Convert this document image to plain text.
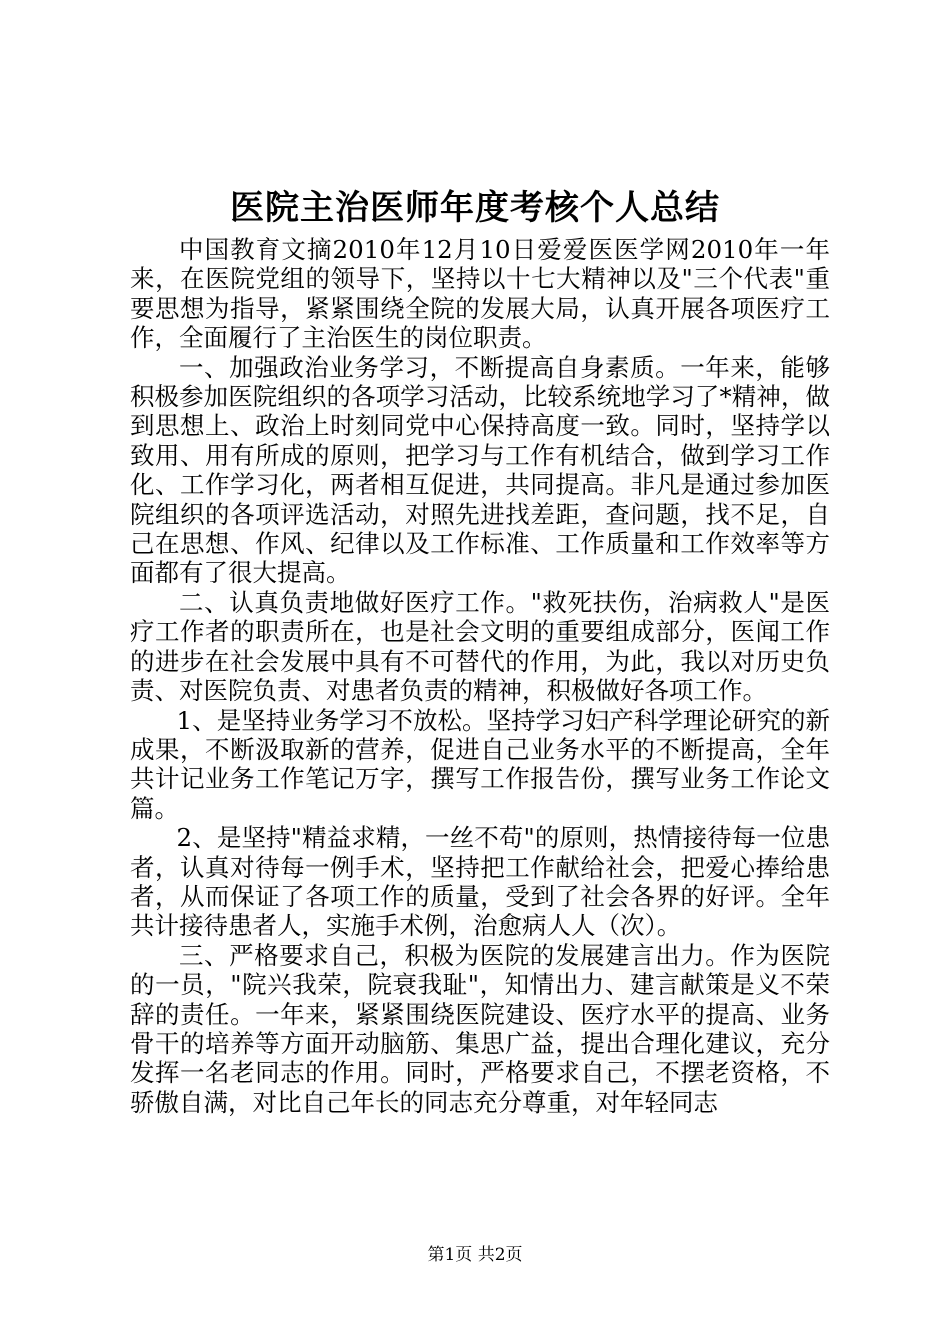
医院主治医师年度考核个人总结

中国教育文摘2010年12月10日爱爱医医学网2010年一年来，在医院党组的领导下，坚持以十七大精神以及"三个代表"重要思想为指导，紧紧围绕全院的发展大局，认真开展各项医疗工作，全面履行了主治医生的岗位职责。

一、加强政治业务学习，不断提高自身素质。一年来，能够积极参加医院组织的各项学习活动，比较系统地学习了*精神，做到思想上、政治上时刻同党中心保持高度一致。同时，坚持学以致用、用有所成的原则，把学习与工作有机结合，做到学习工作化、工作学习化，两者相互促进，共同提高。非凡是通过参加医院组织的各项评选活动，对照先进找差距，查问题，找不足，自己在思想、作风、纪律以及工作标准、工作质量和工作效率等方面都有了很大提高。

二、认真负责地做好医疗工作。"救死扶伤，治病救人"是医疗工作者的职责所在，也是社会文明的重要组成部分，医闻工作的进步在社会发展中具有不可替代的作用，为此，我以对历史负责、对医院负责、对患者负责的精神，积极做好各项工作。

1、是坚持业务学习不放松。坚持学习妇产科学理论研究的新成果，不断汲取新的营养，促进自己业务水平的不断提高，全年共计记业务工作笔记万字，撰写工作报告份，撰写业务工作论文篇。

2、是坚持"精益求精，一丝不苟"的原则，热情接待每一位患者，认真对待每一例手术，坚持把工作献给社会，把爱心捧给患者，从而保证了各项工作的质量，受到了社会各界的好评。全年共计接待患者人，实施手术例，治愈病人人（次）。

三、严格要求自己，积极为医院的发展建言出力。作为医院的一员，"院兴我荣，院衰我耻"，知情出力、建言献策是义不荣辞的责任。一年来，紧紧围绕医院建设、医疗水平的提高、业务骨干的培养等方面开动脑筋、集思广益，提出合理化建议，充分发挥一名老同志的作用。同时，严格要求自己，不摆老资格，不骄傲自满，对比自己年长的同志充分尊重，对年轻同志

第1页 共2页
